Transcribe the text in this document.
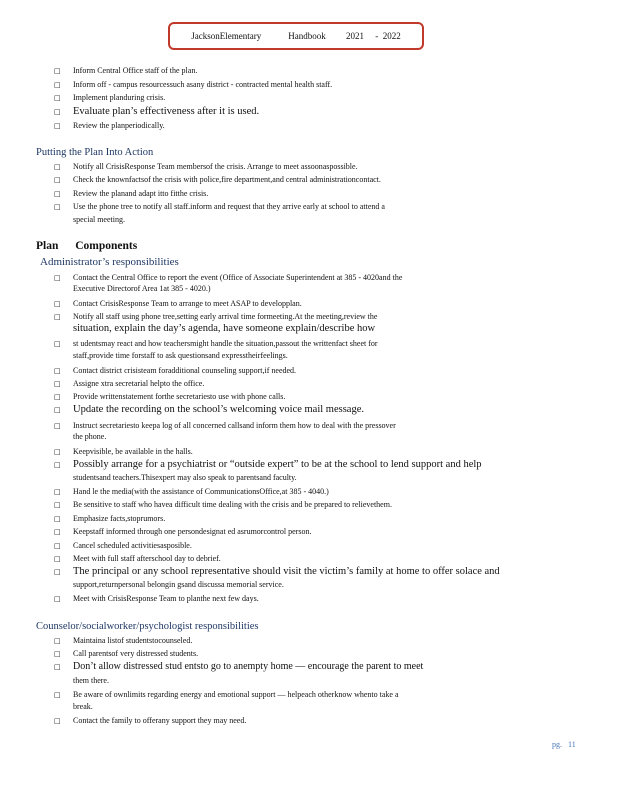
JacksonElementary            Handbook         2021     -  2022
□ Inform Central Office staff of the plan.
□ Inform off - campus resourcessuch asany district - contracted mental health staff.
□ Implement planduring crisis.
□ Evaluate plan’s effectiveness after it is used.
□ Review the planperiodically.
Putting the Plan Into Action
□ Notify all CrisisResponse Team membersof the crisis. Arrange to meet assoonaspossible.
□ Check the knownfactsof the crisis with police,fire department,and central administrationcontact.
□ Review the planand adapt itto fitthe crisis.
□ Use the phone tree to notify all staff.inform and request that they arrive early at school to attend a
special meeting.
Plan Components
Administrator’s responsibilities
□ Contact the Central Office to report the event (Office of Associate Superintendent at 385 - 4020and the
Executive Directorof Area 1at 385 - 4020.)
□ Contact CrisisResponse Team to arrange to meet ASAP to developplan.
□ Notify all staff using phone tree,setting early arrival time formeeting.At the meeting,review the
situation, explain the day’s agenda, have someone explain/describe how
□ st udentsmay react and how teachersmight handle the situation,passout the writtenfact sheet for
staff,provide time forstaff to ask questionsand expresstheirfeelings.
□ Contact district crisisteam foradditional counseling support,if needed.
□ Assigne xtra secretarial helpto the office.
□ Provide writtenstatement forthe secretariesto use with phone calls.
□ Update the recording on the school’s welcoming voice mail message.
□ Instruct secretariesto keepa log of all concerned callsand inform them how to deal with the pressover
the phone.
□ Keepvisible, be available in the halls.
□ Possibly arrange for a psychiatrist or “outside expert” to be at the school to lend support and help
studentsand teachers.Thisexpert may also speak to parentsand faculty.
□ Hand le the media(with the assistance of CommunicationsOffice,at 385 - 4040.)
□ Be sensitive to staff who havea difficult time dealing with the crisis and be prepared to relievethem.
□ Emphasize facts,stoprumors.
□ Keepstaff informed through one persondesignat ed asrumorcontrol person.
□ Cancel scheduled activitiesasposible.
□ Meet with full staff afterschool day to debrief.
□ The principal or any school representative should visit the victim’s family at home to offer solace and
support,returnpersonal belongin gsand discussa memorial service.
□ Meet with CrisisResponse Team to planthe next few days.
Counselor/socialworker/psychologist responsibilities
□ Maintaina listof studentstocounseled.
□ Call parentsof very distressed students.
□ Don’t allow distressed stud entsto go to anempty home — encourage the parent to meet
them there.
□ Be aware of ownlimits regarding energy and emotional support — helpeach otherknow whento take a
break.
□ Contact the family to offerany support they may need.
pg. 11
